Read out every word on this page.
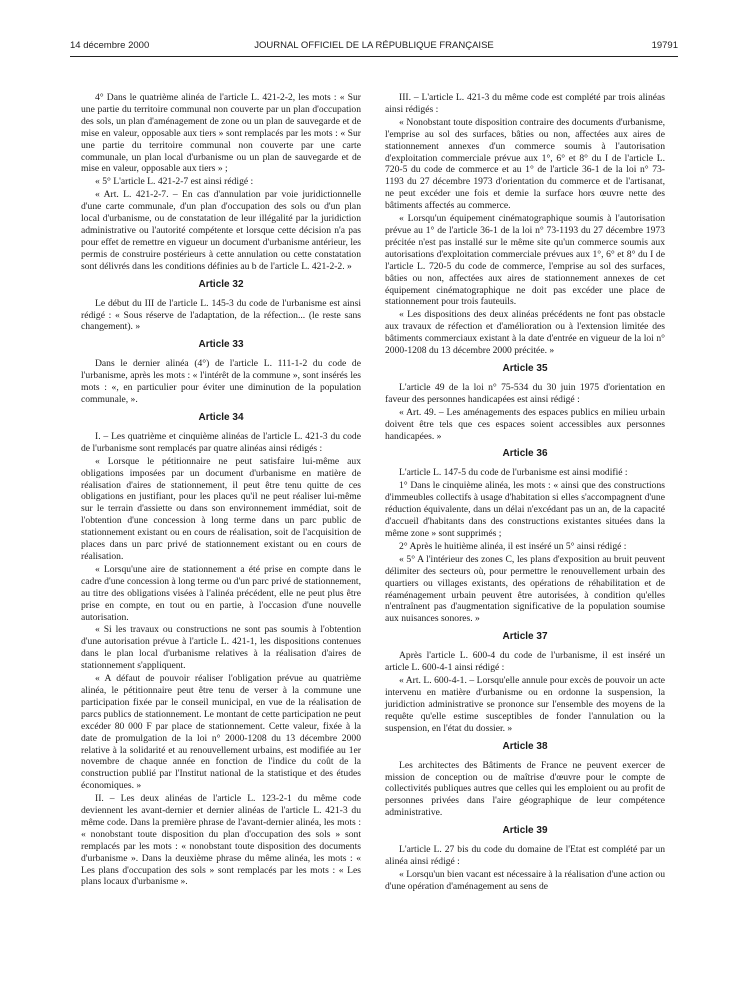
14 décembre 2000	JOURNAL OFFICIEL DE LA RÉPUBLIQUE FRANÇAISE	19791

4° Dans le quatrième alinéa de l'article L. 421-2-2, les mots : « Sur une partie du territoire communal non couverte par un plan d'occupation des sols, un plan d'aménagement de zone ou un plan de sauvegarde et de mise en valeur, opposable aux tiers » sont remplacés par les mots : « Sur une partie du territoire communal non couverte par une carte communale, un plan local d'urbanisme ou un plan de sauvegarde et de mise en valeur, opposable aux tiers » ;

« 5° L'article L. 421-2-7 est ainsi rédigé :

« Art. L. 421-2-7. – En cas d'annulation par voie juridictionnelle d'une carte communale, d'un plan d'occupation des sols ou d'un plan local d'urbanisme, ou de constatation de leur illégalité par la juridiction administrative ou l'autorité compétente et lorsque cette décision n'a pas pour effet de remettre en vigueur un document d'urbanisme antérieur, les permis de construire postérieurs à cette annulation ou cette constatation sont délivrés dans les conditions définies au b de l'article L. 421-2-2. »

Article 32

Le début du III de l'article L. 145-3 du code de l'urbanisme est ainsi rédigé : « Sous réserve de l'adaptation, de la réfection... (le reste sans changement). »

Article 33

Dans le dernier alinéa (4°) de l'article L. 111-1-2 du code de l'urbanisme, après les mots : « l'intérêt de la commune », sont insérés les mots : «, en particulier pour éviter une diminution de la population communale, ».

Article 34

I. – Les quatrième et cinquième alinéas de l'article L. 421-3 du code de l'urbanisme sont remplacés par quatre alinéas ainsi rédigés :

« Lorsque le pétitionnaire ne peut satisfaire lui-même aux obligations imposées par un document d'urbanisme en matière de réalisation d'aires de stationnement, il peut être tenu quitte de ces obligations en justifiant, pour les places qu'il ne peut réaliser lui-même sur le terrain d'assiette ou dans son environnement immédiat, soit de l'obtention d'une concession à long terme dans un parc public de stationnement existant ou en cours de réalisation, soit de l'acquisition de places dans un parc privé de stationnement existant ou en cours de réalisation.

« Lorsqu'une aire de stationnement a été prise en compte dans le cadre d'une concession à long terme ou d'un parc privé de stationnement, au titre des obligations visées à l'alinéa précédent, elle ne peut plus être prise en compte, en tout ou en partie, à l'occasion d'une nouvelle autorisation.

« Si les travaux ou constructions ne sont pas soumis à l'obtention d'une autorisation prévue à l'article L. 421-1, les dispositions contenues dans le plan local d'urbanisme relatives à la réalisation d'aires de stationnement s'appliquent.

« A défaut de pouvoir réaliser l'obligation prévue au quatrième alinéa, le pétitionnaire peut être tenu de verser à la commune une participation fixée par le conseil municipal, en vue de la réalisation de parcs publics de stationnement. Le montant de cette participation ne peut excéder 80 000 F par place de stationnement. Cette valeur, fixée à la date de promulgation de la loi n° 2000-1208 du 13 décembre 2000 relative à la solidarité et au renouvellement urbains, est modifiée au 1er novembre de chaque année en fonction de l'indice du coût de la construction publié par l'Institut national de la statistique et des études économiques. »

II. – Les deux alinéas de l'article L. 123-2-1 du même code deviennent les avant-dernier et dernier alinéas de l'article L. 421-3 du même code. Dans la première phrase de l'avant-dernier alinéa, les mots : « nonobstant toute disposition du plan d'occupation des sols » sont remplacés par les mots : « nonobstant toute disposition des documents d'urbanisme ». Dans la deuxième phrase du même alinéa, les mots : « Les plans d'occupation des sols » sont remplacés par les mots : « Les plans locaux d'urbanisme ».

III. – L'article L. 421-3 du même code est complété par trois alinéas ainsi rédigés :

« Nonobstant toute disposition contraire des documents d'urbanisme, l'emprise au sol des surfaces, bâties ou non, affectées aux aires de stationnement annexes d'un commerce soumis à l'autorisation d'exploitation commerciale prévue aux 1°, 6° et 8° du I de l'article L. 720-5 du code de commerce et au 1° de l'article 36-1 de la loi n° 73-1193 du 27 décembre 1973 d'orientation du commerce et de l'artisanat, ne peut excéder une fois et demie la surface hors œuvre nette des bâtiments affectés au commerce.

« Lorsqu'un équipement cinématographique soumis à l'autorisation prévue au 1° de l'article 36-1 de la loi n° 73-1193 du 27 décembre 1973 précitée n'est pas installé sur le même site qu'un commerce soumis aux autorisations d'exploitation commerciale prévues aux 1°, 6° et 8° du I de l'article L. 720-5 du code de commerce, l'emprise au sol des surfaces, bâties ou non, affectées aux aires de stationnement annexes de cet équipement cinématographique ne doit pas excéder une place de stationnement pour trois fauteuils.

« Les dispositions des deux alinéas précédents ne font pas obstacle aux travaux de réfection et d'amélioration ou à l'extension limitée des bâtiments commerciaux existant à la date d'entrée en vigueur de la loi n° 2000-1208 du 13 décembre 2000 précitée. »

Article 35

L'article 49 de la loi n° 75-534 du 30 juin 1975 d'orientation en faveur des personnes handicapées est ainsi rédigé :

« Art. 49. – Les aménagements des espaces publics en milieu urbain doivent être tels que ces espaces soient accessibles aux personnes handicapées. »

Article 36

L'article L. 147-5 du code de l'urbanisme est ainsi modifié :

1° Dans le cinquième alinéa, les mots : « ainsi que des constructions d'immeubles collectifs à usage d'habitation si elles s'accompagnent d'une réduction équivalente, dans un délai n'excédant pas un an, de la capacité d'accueil d'habitants dans des constructions existantes situées dans la même zone » sont supprimés ;

2° Après le huitième alinéa, il est inséré un 5° ainsi rédigé :

« 5° A l'intérieur des zones C, les plans d'exposition au bruit peuvent délimiter des secteurs où, pour permettre le renouvellement urbain des quartiers ou villages existants, des opérations de réhabilitation et de réaménagement urbain peuvent être autorisées, à condition qu'elles n'entraînent pas d'augmentation significative de la population soumise aux nuisances sonores. »

Article 37

Après l'article L. 600-4 du code de l'urbanisme, il est inséré un article L. 600-4-1 ainsi rédigé :

« Art. L. 600-4-1. – Lorsqu'elle annule pour excès de pouvoir un acte intervenu en matière d'urbanisme ou en ordonne la suspension, la juridiction administrative se prononce sur l'ensemble des moyens de la requête qu'elle estime susceptibles de fonder l'annulation ou la suspension, en l'état du dossier. »

Article 38

Les architectes des Bâtiments de France ne peuvent exercer de mission de conception ou de maîtrise d'œuvre pour le compte de collectivités publiques autres que celles qui les emploient ou au profit de personnes privées dans l'aire géographique de leur compétence administrative.

Article 39

L'article L. 27 bis du code du domaine de l'Etat est complété par un alinéa ainsi rédigé :

« Lorsqu'un bien vacant est nécessaire à la réalisation d'une action ou d'une opération d'aménagement au sens de
